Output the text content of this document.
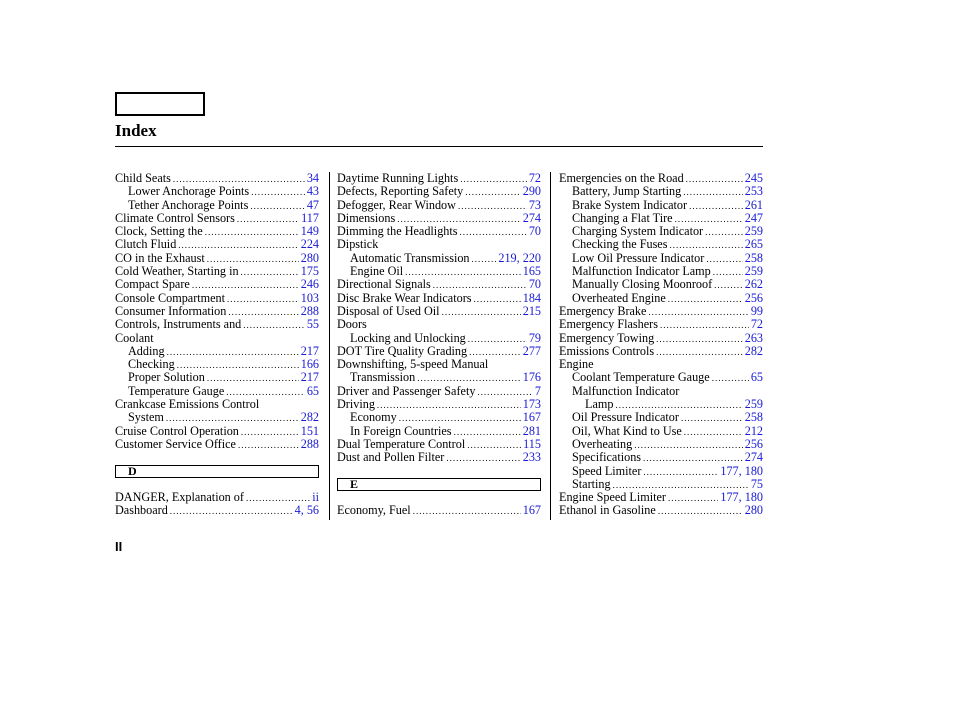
Index
Child Seats .....	34
Lower Anchorage Points .....	43
Tether Anchorage Points .....	47
Climate Control Sensors .....	117
Clock, Setting the .....	149
Clutch Fluid .....	224
CO in the Exhaust .....	280
Cold Weather, Starting in .....	175
Compact Spare .....	246
Console Compartment .....	103
Consumer Information .....	288
Controls, Instruments and .....	55
Coolant
Adding .....	217
Checking .....	166
Proper Solution .....	217
Temperature Gauge .....	65
Crankcase Emissions Control
System .....	282
Cruise Control Operation .....	151
Customer Service Office .....	288
D
DANGER, Explanation of .....	ii
Dashboard .....	4, 56
Daytime Running Lights .....	72
Defects, Reporting Safety .....	290
Defogger, Rear Window .....	73
Dimensions .....	274
Dimming the Headlights .....	70
Dipstick
Automatic Transmission ..... 219, 220
Engine Oil .....	165
Directional Signals .....	70
Disc Brake Wear Indicators .....	184
Disposal of Used Oil .....	215
Doors
Locking and Unlocking .....	79
DOT Tire Quality Grading .....	277
Downshifting, 5-speed Manual
Transmission .....	176
Driver and Passenger Safety .....	7
Driving .....	173
Economy .....	167
In Foreign Countries .....	281
Dual Temperature Control .....	115
Dust and Pollen Filter .....	233
E
Economy, Fuel .....	167
Emergencies on the Road .....	245
Battery, Jump Starting .....	253
Brake System Indicator .....	261
Changing a Flat Tire .....	247
Charging System Indicator .....	259
Checking the Fuses .....	265
Low Oil Pressure Indicator .....	258
Malfunction Indicator Lamp .....	259
Manually Closing Moonroof .....	262
Overheated Engine .....	256
Emergency Brake .....	99
Emergency Flashers .....	72
Emergency Towing .....	263
Emissions Controls .....	282
Engine
Coolant Temperature Gauge .....	65
Malfunction Indicator
Lamp .....	259
Oil Pressure Indicator .....	258
Oil, What Kind to Use .....	212
Overheating .....	256
Specifications .....	274
Speed Limiter .....	177, 180
Starting .....	75
Engine Speed Limiter .....	177, 180
Ethanol in Gasoline .....	280
II
